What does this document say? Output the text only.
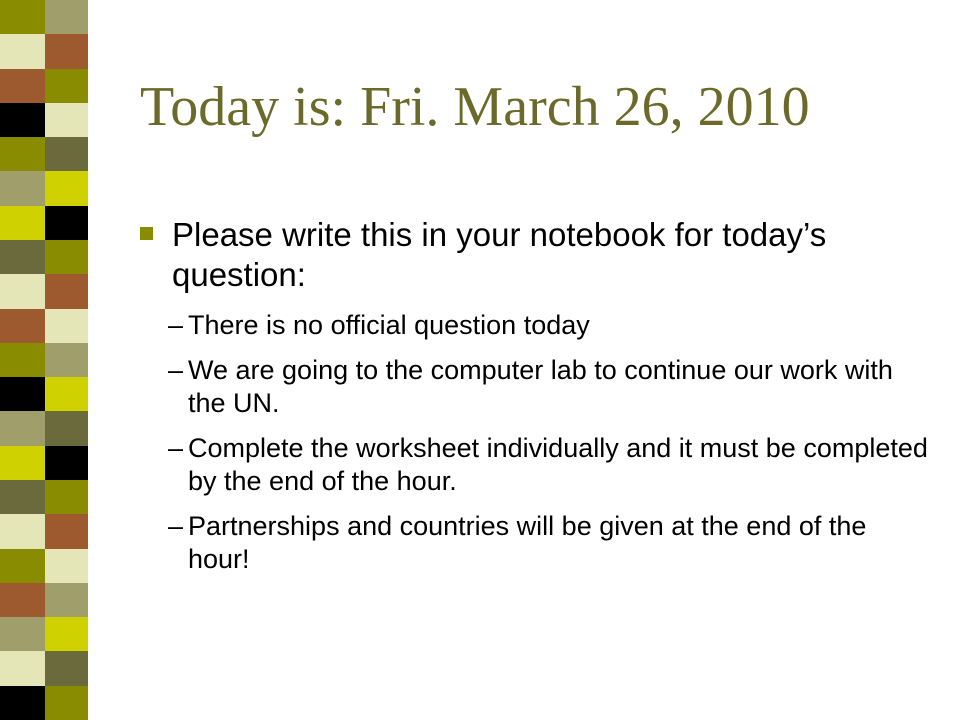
Today is: Fri. March 26, 2010
Please write this in your notebook for today’s question:
– There is no official question today
– We are going to the computer lab to continue our work with the UN.
– Complete the worksheet individually and it must be completed by the end of the hour.
– Partnerships and countries will be given at the end of the hour!
